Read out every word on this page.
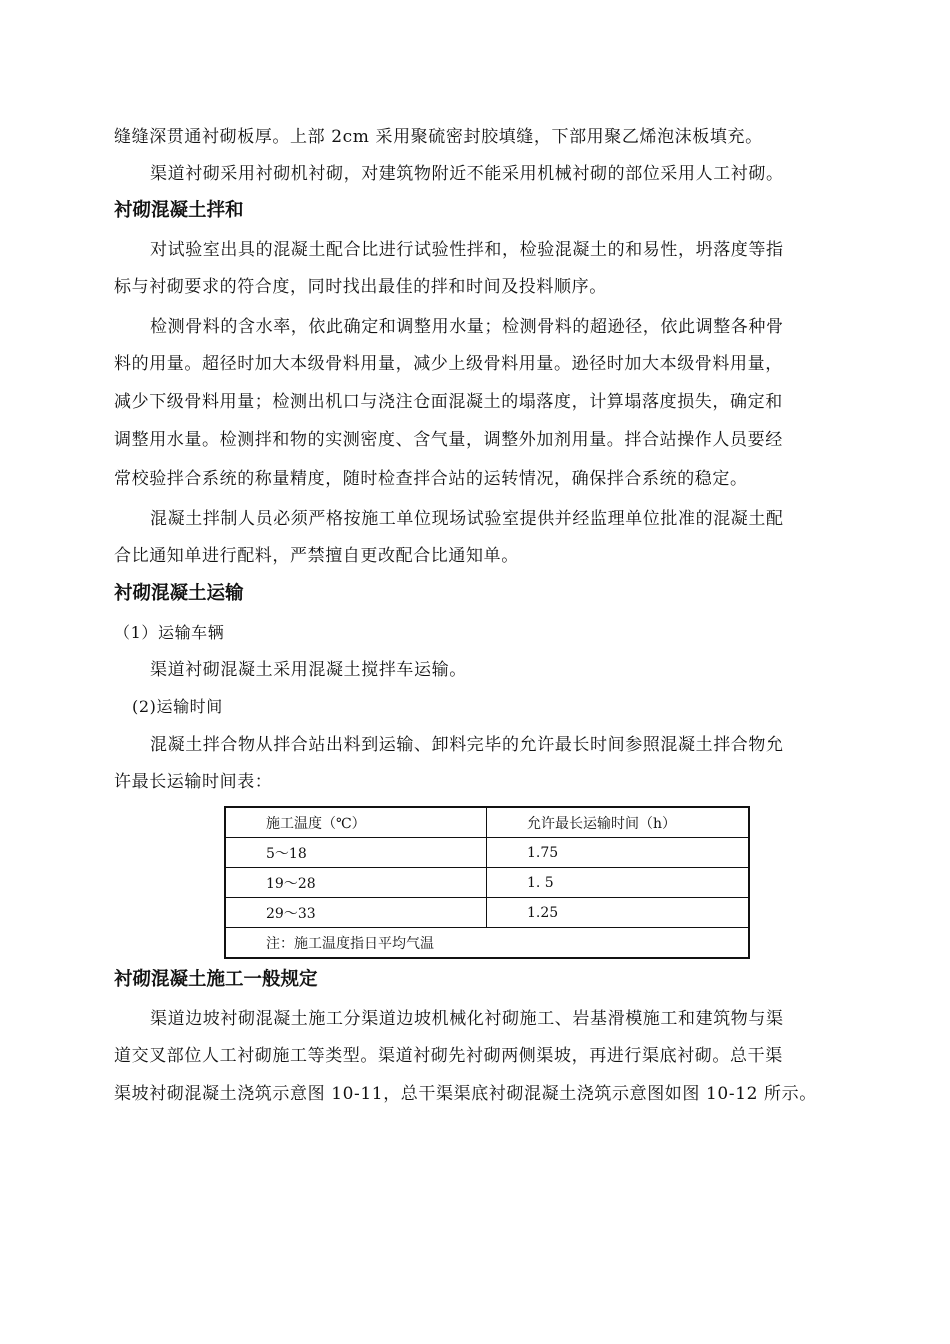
缝缝深贯通衬砌板厚。上部 2cm 采用聚硫密封胶填缝，下部用聚乙烯泡沫板填充。
渠道衬砌采用衬砌机衬砌，对建筑物附近不能采用机械衬砌的部位采用人工衬砌。
衬砌混凝土拌和
对试验室出具的混凝土配合比进行试验性拌和，检验混凝土的和易性，坍落度等指
标与衬砌要求的符合度，同时找出最佳的拌和时间及投料顺序。
检测骨料的含水率，依此确定和调整用水量；检测骨料的超逊径，依此调整各种骨
料的用量。超径时加大本级骨料用量，减少上级骨料用量。逊径时加大本级骨料用量，
减少下级骨料用量；检测出机口与浇注仓面混凝土的塌落度，计算塌落度损失，确定和
调整用水量。检测拌和物的实测密度、含气量，调整外加剂用量。拌合站操作人员要经
常校验拌合系统的称量精度，随时检查拌合站的运转情况，确保拌合系统的稳定。
混凝土拌制人员必须严格按施工单位现场试验室提供并经监理单位批准的混凝土配
合比通知单进行配料，严禁擅自更改配合比通知单。
衬砌混凝土运输
（1）运输车辆
渠道衬砌混凝土采用混凝土搅拌车运输。
(2)运输时间
混凝土拌合物从拌合站出料到运输、卸料完毕的允许最长时间参照混凝土拌合物允
许最长运输时间表：
施工温度（℃）	允许最长运输时间（h）
5～18	1.75
19～28	1. 5
29～33	1.25
注：施工温度指日平均气温	
衬砌混凝土施工一般规定
渠道边坡衬砌混凝土施工分渠道边坡机械化衬砌施工、岩基滑模施工和建筑物与渠
道交叉部位人工衬砌施工等类型。渠道衬砌先衬砌两侧渠坡，再进行渠底衬砌。总干渠
渠坡衬砌混凝土浇筑示意图 10-11，总干渠渠底衬砌混凝土浇筑示意图如图 10-12 所示。
